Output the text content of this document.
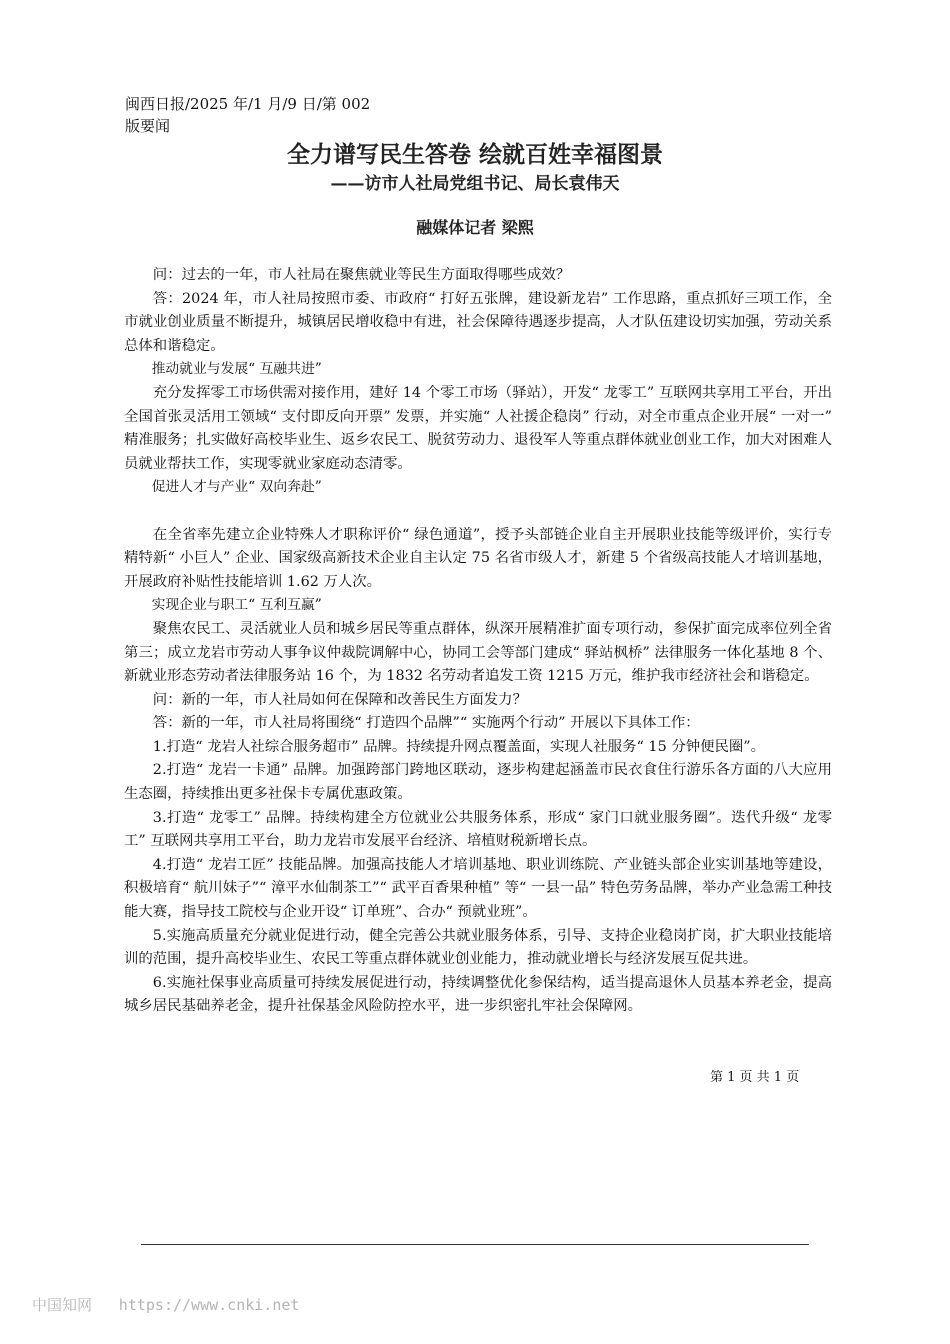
闽西日报/2025 年/1 月/9 日/第 002
版要闻
全力谱写民生答卷 绘就百姓幸福图景
——访市人社局党组书记、局长袁伟天
融媒体记者 梁熙

问：过去的一年，市人社局在聚焦就业等民生方面取得哪些成效？

答：2024 年，市人社局按照市委、市政府“ 打好五张牌，建设新龙岩” 工作思路，重点抓好三项工作，全市就业创业质量不断提升，城镇居民增收稳中有进，社会保障待遇逐步提高，人才队伍建设切实加强，劳动关系总体和谐稳定。

推动就业与发展“ 互融共进”

充分发挥零工市场供需对接作用，建好 14 个零工市场（驿站），开发“ 龙零工” 互联网共享用工平台，开出全国首张灵活用工领域“ 支付即反向开票” 发票，并实施“ 人社援企稳岗” 行动，对全市重点企业开展“ 一对一” 精准服务；扎实做好高校毕业生、返乡农民工、脱贫劳动力、退役军人等重点群体就业创业工作，加大对困难人员就业帮扶工作，实现零就业家庭动态清零。

促进人才与产业“ 双向奔赴”

在全省率先建立企业特殊人才职称评价“ 绿色通道”，授予头部链企业自主开展职业技能等级评价，实行专精特新“ 小巨人” 企业、国家级高新技术企业自主认定 75 名省市级人才，新建 5 个省级高技能人才培训基地，开展政府补贴性技能培训 1.62 万人次。

实现企业与职工“ 互利互赢”

聚焦农民工、灵活就业人员和城乡居民等重点群体，纵深开展精准扩面专项行动，参保扩面完成率位列全省第三；成立龙岩市劳动人事争议仲裁院调解中心，协同工会等部门建成“ 驿站枫桥” 法律服务一体化基地 8 个、新就业形态劳动者法律服务站 16 个，为 1832 名劳动者追发工资 1215 万元，维护我市经济社会和谐稳定。

问：新的一年，市人社局如何在保障和改善民生方面发力？

答：新的一年，市人社局将围绕“ 打造四个品牌”“ 实施两个行动” 开展以下具体工作：

1.打造“ 龙岩人社综合服务超市” 品牌。持续提升网点覆盖面，实现人社服务“ 15 分钟便民圈”。

2.打造“ 龙岩一卡通” 品牌。加强跨部门跨地区联动，逐步构建起涵盖市民衣食住行游乐各方面的八大应用生态圈，持续推出更多社保卡专属优惠政策。

3.打造“ 龙零工” 品牌。持续构建全方位就业公共服务体系，形成“ 家门口就业服务圈”。迭代升级“ 龙零工” 互联网共享用工平台，助力龙岩市发展平台经济、培植财税新增长点。

4.打造“ 龙岩工匠” 技能品牌。加强高技能人才培训基地、职业训练院、产业链头部企业实训基地等建设，积极培育“ 航川妹子”“ 漳平水仙制茶工”“ 武平百香果种植” 等“ 一县一品” 特色劳务品牌，举办产业急需工种技能大赛，指导技工院校与企业开设“ 订单班”、合办“ 预就业班”。

5.实施高质量充分就业促进行动，健全完善公共就业服务体系，引导、支持企业稳岗扩岗，扩大职业技能培训的范围，提升高校毕业生、农民工等重点群体就业创业能力，推动就业增长与经济发展互促共进。

6.实施社保事业高质量可持续发展促进行动，持续调整优化参保结构，适当提高退休人员基本养老金，提高城乡居民基础养老金，提升社保基金风险防控水平，进一步织密扎牢社会保障网。

第 1 页 共 1 页
中国知网 https://www.cnki.net
